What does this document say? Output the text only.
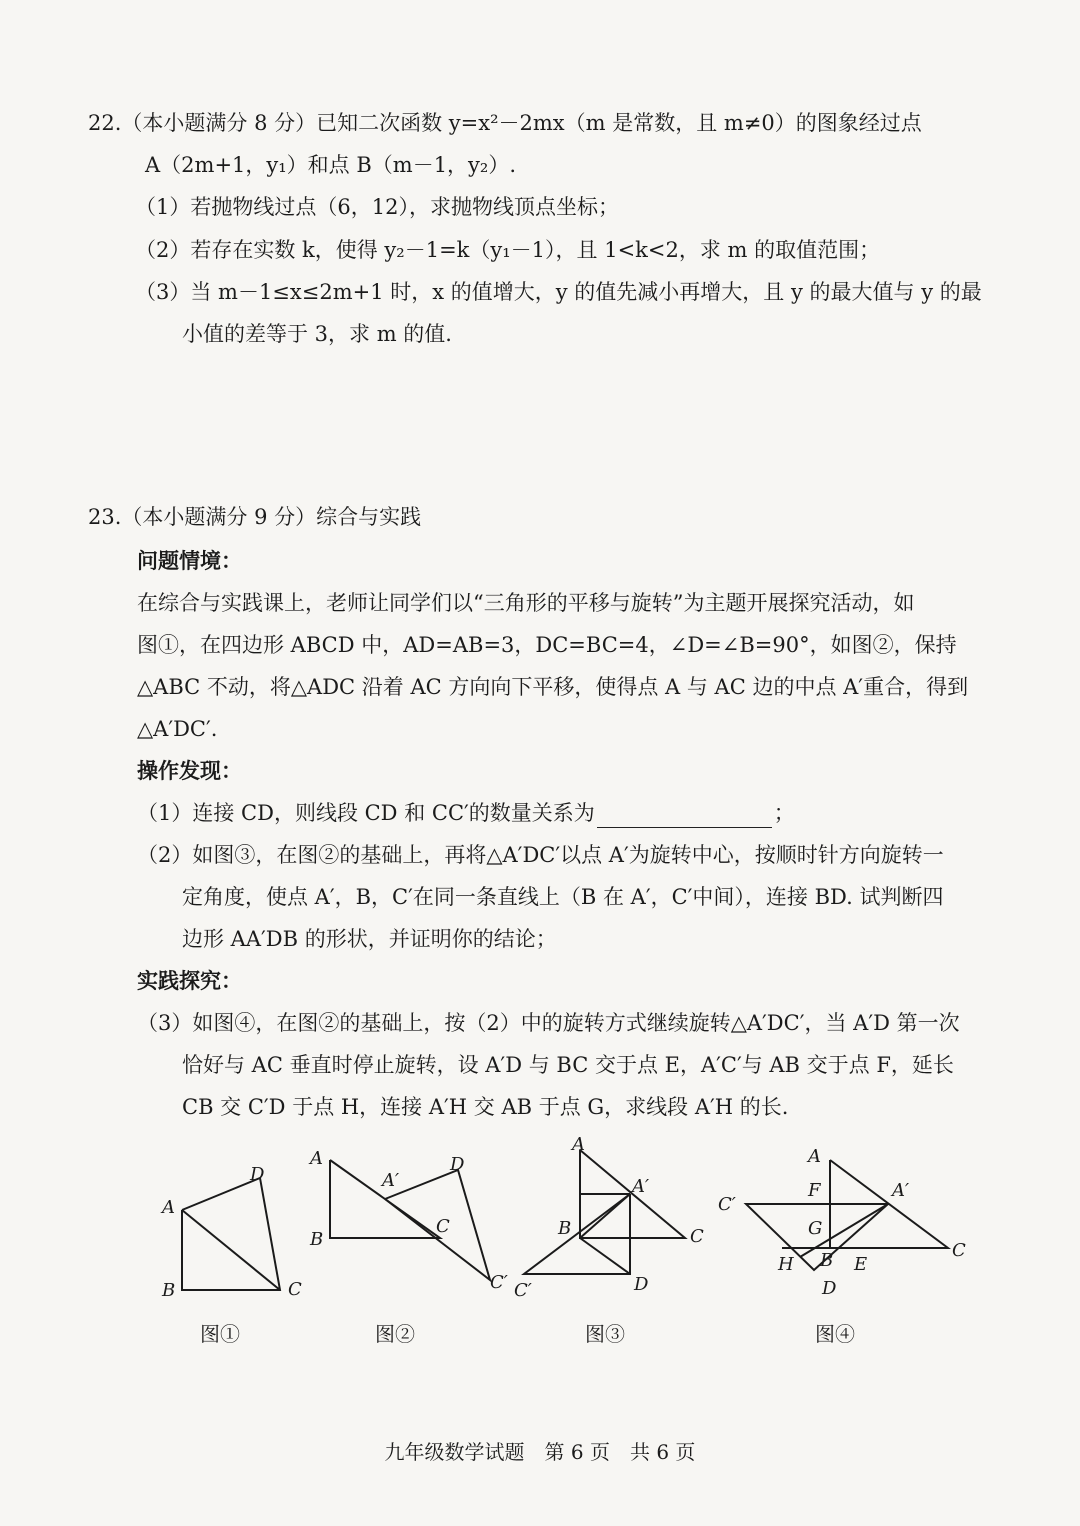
22.（本小题满分 8 分）已知二次函数 y=x²－2mx（m 是常数，且 m≠0）的图象经过点
A（2m+1，y₁）和点 B（m－1，y₂）.
（1）若抛物线过点（6，12），求抛物线顶点坐标；
（2）若存在实数 k，使得 y₂－1=k（y₁－1），且 1<k<2，求 m 的取值范围；
（3）当 m－1≤x≤2m+1 时，x 的值增大，y 的值先减小再增大，且 y 的最大值与 y 的最
小值的差等于 3，求 m 的值.
23.（本小题满分 9 分）综合与实践
问题情境：
在综合与实践课上，老师让同学们以“三角形的平移与旋转”为主题开展探究活动，如
图①，在四边形 ABCD 中，AD=AB=3，DC=BC=4，∠D=∠B=90°，如图②，保持
△ABC 不动，将△ADC 沿着 AC 方向向下平移，使得点 A 与 AC 边的中点 A′重合，得到
△A′DC′.
操作发现：
（1）连接 CD，则线段 CD 和 CC′的数量关系为	；
（2）如图③，在图②的基础上，再将△A′DC′以点 A′为旋转中心，按顺时针方向旋转一
定角度，使点 A′，B，C′在同一条直线上（B 在 A′，C′中间），连接 BD. 试判断四
边形 AA′DB 的形状，并证明你的结论；
实践探究：
（3）如图④，在图②的基础上，按（2）中的旋转方式继续旋转△A′DC′，当 A′D 第一次
恰好与 AC 垂直时停止旋转，设 A′D 与 BC 交于点 E，A′C′与 AB 交于点 F，延长
CB 交 C′D 于点 H，连接 A′H 交 AB 于点 G，求线段 A′H 的长.
A
D
B	C
图①
A
A′
D
B
C
C′
图②
A
A′
B	C
C′	D
图③
A
F	A′
C′
G
C
H B E
D
图④
九年级数学试题　第 6 页　共 6 页
